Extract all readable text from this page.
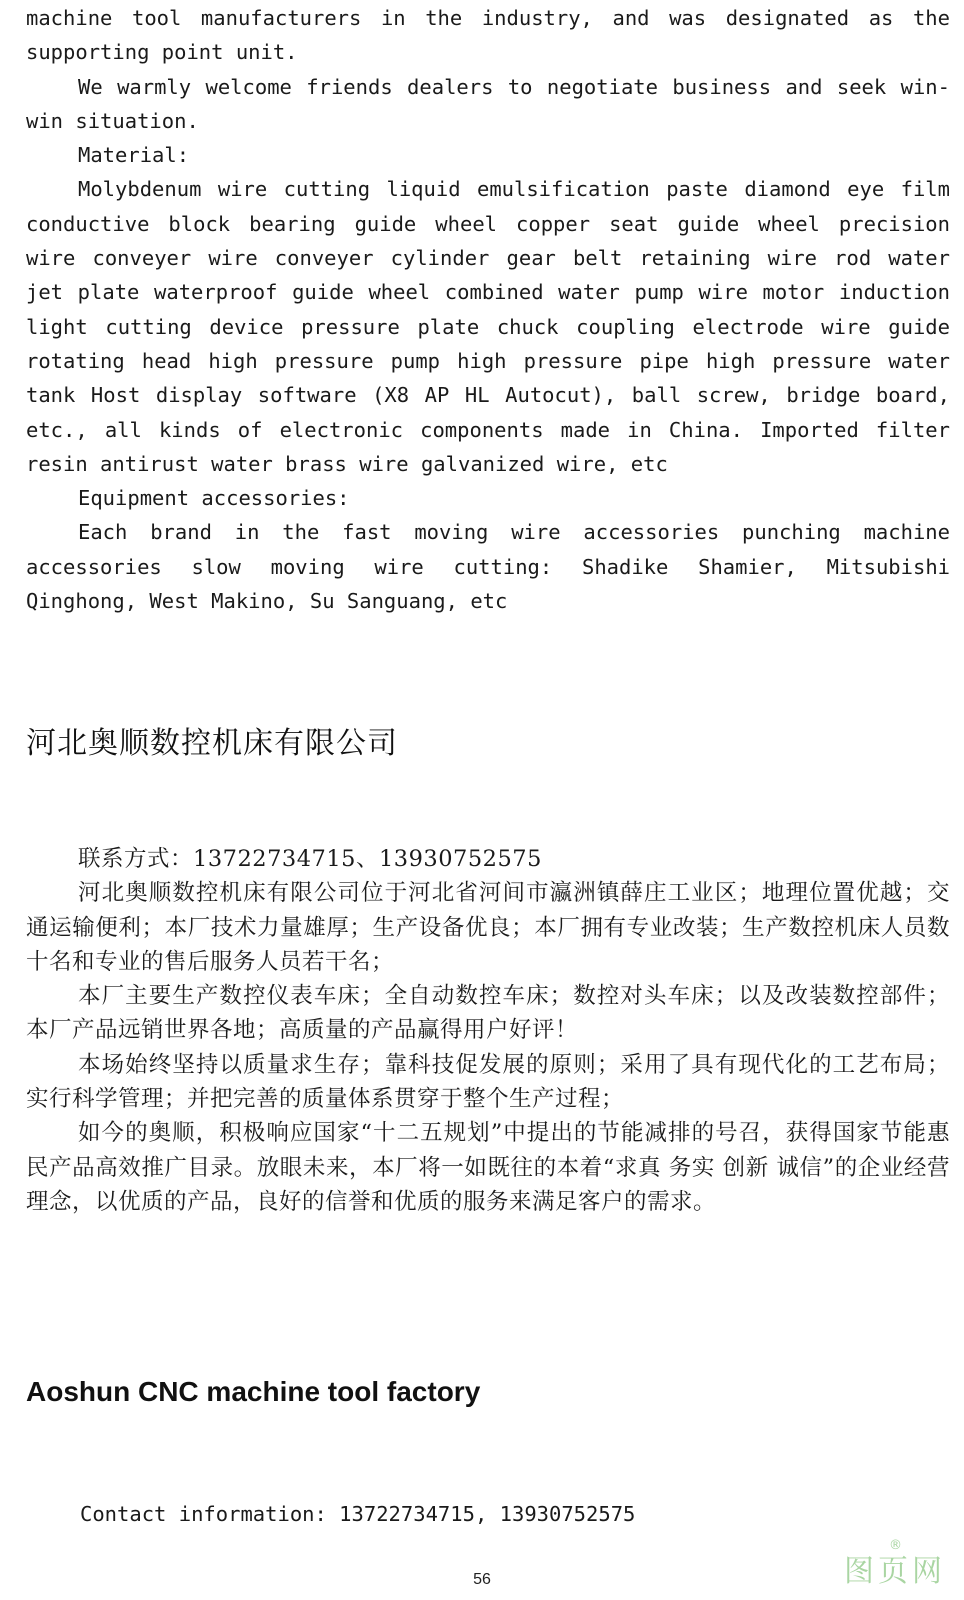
machine tool manufacturers in the industry, and was designated as the supporting point unit.

We warmly welcome friends dealers to negotiate business and seek win-win situation.

Material:

Molybdenum wire cutting liquid emulsification paste diamond eye film conductive block bearing guide wheel copper seat guide wheel precision wire conveyer wire conveyer cylinder gear belt retaining wire rod water jet plate waterproof guide wheel combined water pump wire motor induction light cutting device pressure plate chuck coupling electrode wire guide rotating head high pressure pump high pressure pipe high pressure water tank Host display software (X8 AP HL Autocut), ball screw, bridge board, etc., all kinds of electronic components made in China. Imported filter resin antirust water brass wire galvanized wire, etc

Equipment accessories:

Each brand in the fast moving wire accessories punching machine accessories slow moving wire cutting: Shadike Shamier, Mitsubishi Qinghong, West Makino, Su Sanguang, etc

河北奥顺数控机床有限公司

联系方式：13722734715、13930752575

河北奥顺数控机床有限公司位于河北省河间市瀛洲镇薛庄工业区；地理位置优越；交通运输便利；本厂技术力量雄厚；生产设备优良；本厂拥有专业改装；生产数控机床人员数十名和专业的售后服务人员若干名；

本厂主要生产数控仪表车床；全自动数控车床；数控对头车床；以及改装数控部件；本厂产品远销世界各地；高质量的产品赢得用户好评！

本场始终坚持以质量求生存；靠科技促发展的原则；采用了具有现代化的工艺布局；实行科学管理；并把完善的质量体系贯穿于整个生产过程；

如今的奥顺，积极响应国家“十二五规划”中提出的节能减排的号召，获得国家节能惠民产品高效推广目录。放眼未来，本厂将一如既往的本着“求真 务实 创新 诚信”的企业经营理念，以优质的产品，良好的信誉和优质的服务来满足客户的需求。

Aoshun CNC machine tool factory

Contact information: 13722734715, 13930752575

56

®
图页网
